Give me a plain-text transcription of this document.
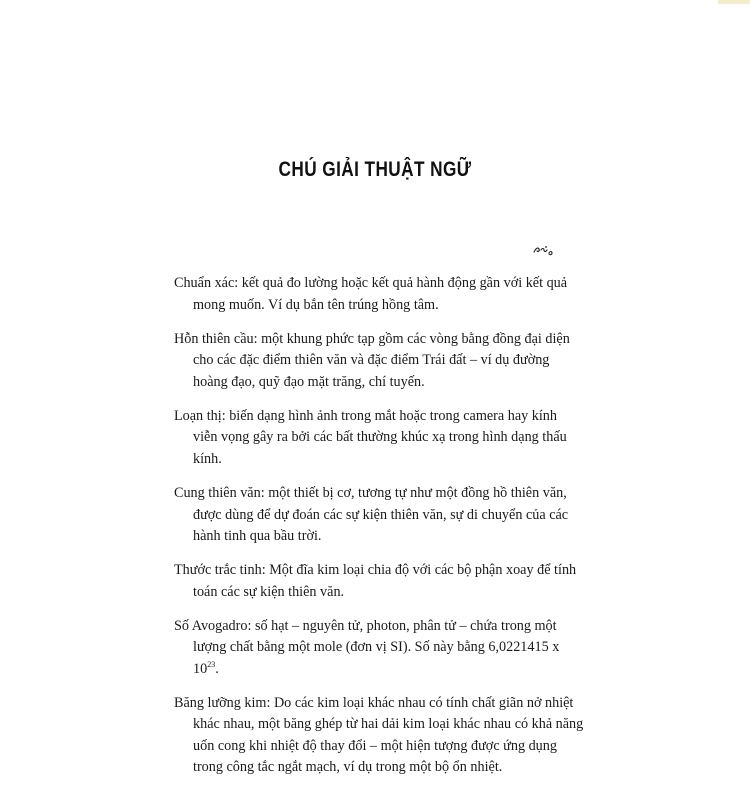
CHÚ GIẢI THUẬT NGỮ

Chuẩn xác: kết quả đo lường hoặc kết quả hành động gần với kết quả mong muốn. Ví dụ bắn tên trúng hồng tâm.

Hỗn thiên cầu: một khung phức tạp gồm các vòng bằng đồng đại diện cho các đặc điểm thiên văn và đặc điểm Trái đất – ví dụ đường hoàng đạo, quỹ đạo mặt trăng, chí tuyến.

Loạn thị: biến dạng hình ảnh trong mắt hoặc trong camera hay kính viễn vọng gây ra bởi các bất thường khúc xạ trong hình dạng thấu kính.

Cung thiên văn: một thiết bị cơ, tương tự như một đồng hồ thiên văn, được dùng để dự đoán các sự kiện thiên văn, sự di chuyển của các hành tinh qua bầu trời.

Thước trắc tinh: Một đĩa kim loại chia độ với các bộ phận xoay để tính toán các sự kiện thiên văn.

Số Avogadro: số hạt – nguyên tử, photon, phân tử – chứa trong một lượng chất bằng một mole (đơn vị SI). Số này bằng 6,0221415 x $10^{23}$.

Băng lưỡng kim: Do các kim loại khác nhau có tính chất giãn nở nhiệt khác nhau, một băng ghép từ hai dải kim loại khác nhau có khả năng uốn cong khi nhiệt độ thay đổi – một hiện tượng được ứng dụng trong công tắc ngắt mạch, ví dụ trong một bộ ổn nhiệt.
